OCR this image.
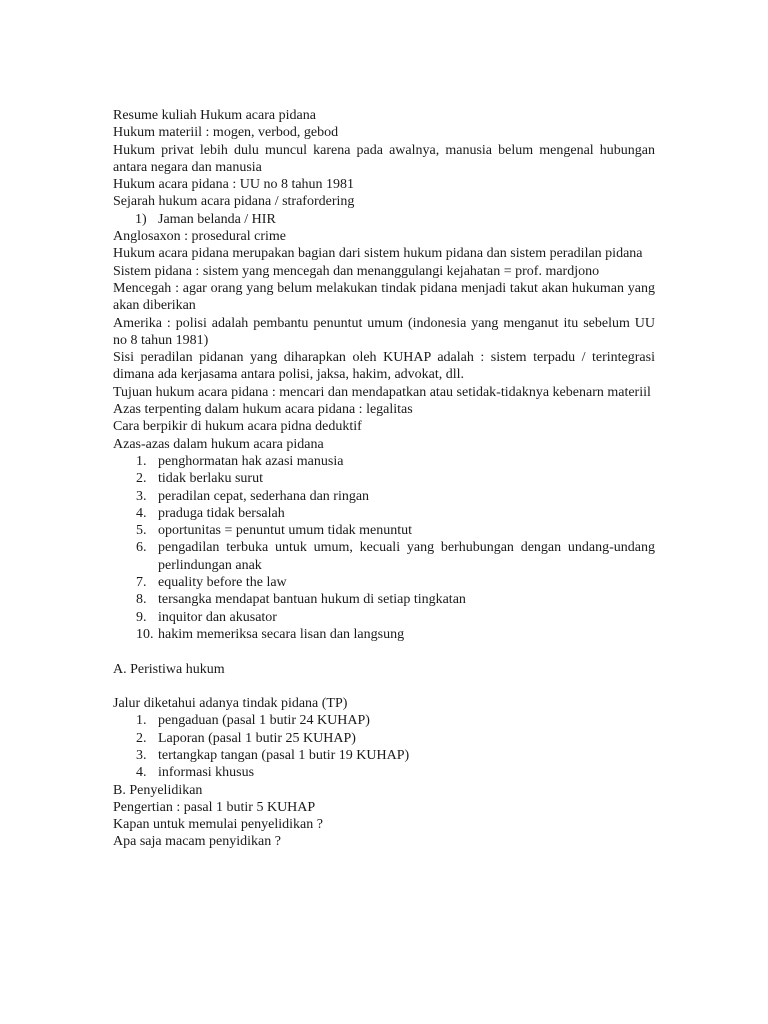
Resume kuliah Hukum acara pidana

Hukum materiil : mogen, verbod, gebod

Hukum privat lebih dulu muncul karena pada awalnya, manusia belum mengenal hubungan antara negara dan manusia

Hukum acara pidana : UU no 8 tahun 1981

Sejarah hukum acara pidana / strafordering

1) Jaman belanda / HIR

Anglosaxon : prosedural crime

Hukum acara pidana merupakan bagian dari sistem hukum pidana dan sistem peradilan pidana

Sistem pidana : sistem yang mencegah dan menanggulangi kejahatan = prof. mardjono

Mencegah : agar orang yang belum melakukan tindak pidana menjadi takut akan hukuman yang akan diberikan

Amerika : polisi adalah pembantu penuntut umum (indonesia yang menganut itu sebelum UU no 8 tahun 1981)

Sisi peradilan pidanan yang diharapkan oleh KUHAP adalah : sistem terpadu / terintegrasi dimana ada kerjasama antara polisi, jaksa, hakim, advokat, dll.

Tujuan hukum acara pidana : mencari dan mendapatkan atau setidak-tidaknya kebenarn materiil

Azas terpenting dalam hukum acara pidana : legalitas

Cara berpikir di hukum acara pidna deduktif

Azas-azas dalam hukum acara pidana

1. penghormatan hak azasi manusia
2. tidak berlaku surut
3. peradilan cepat, sederhana dan ringan
4. praduga tidak bersalah
5. oportunitas = penuntut umum tidak menuntut
6. pengadilan terbuka untuk umum, kecuali yang berhubungan dengan undang-undang perlindungan anak
7. equality before the law
8. tersangka mendapat bantuan hukum di setiap tingkatan
9. inquitor dan akusator
10. hakim memeriksa secara lisan dan langsung

A. Peristiwa hukum

Jalur diketahui adanya tindak pidana (TP)

1. pengaduan (pasal 1 butir 24 KUHAP)
2. Laporan (pasal 1 butir 25 KUHAP)
3. tertangkap tangan (pasal 1 butir 19 KUHAP)
4. informasi khusus

B. Penyelidikan

Pengertian : pasal 1 butir 5 KUHAP

Kapan untuk memulai penyelidikan ?

Apa saja macam penyidikan ?
